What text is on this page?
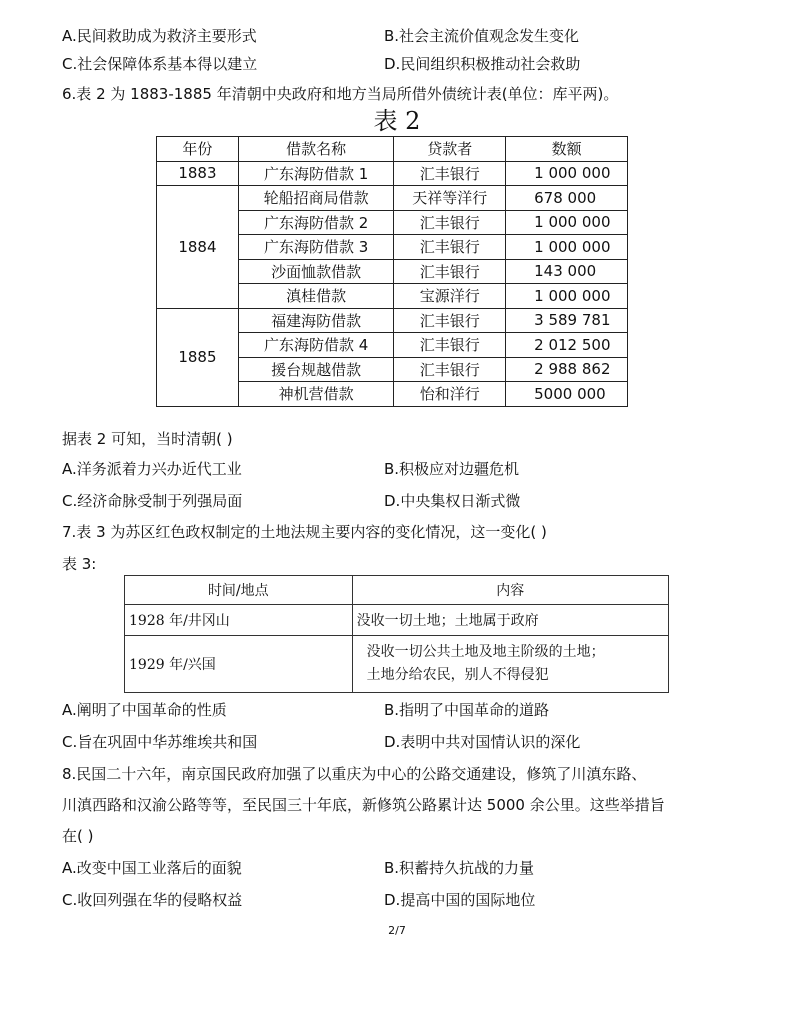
A.民间救助成为救济主要形式	B.社会主流价值观念发生变化
C.社会保障体系基本得以建立	D.民间组织积极推动社会救助
6.表 2 为 1883-1885 年清朝中央政府和地方当局所借外债统计表(单位：库平两)。
表 2
年份	借款名称	贷款者	数额
1883	广东海防借款 1	汇丰银行	1 000 000
1884	轮船招商局借款	天祥等洋行	678 000
	广东海防借款 2	汇丰银行	1 000 000
	广东海防借款 3	汇丰银行	1 000 000
	沙面恤款借款	汇丰银行	143 000
	滇桂借款	宝源洋行	1 000 000
1885	福建海防借款	汇丰银行	3 589 781
	广东海防借款 4	汇丰银行	2 012 500
	援台规越借款	汇丰银行	2 988 862
	神机营借款	怡和洋行	5000 000
据表 2 可知，当时清朝( )
A.洋务派着力兴办近代工业	B.积极应对边疆危机
C.经济命脉受制于列强局面	D.中央集权日渐式微
7.表 3 为苏区红色政权制定的土地法规主要内容的变化情况，这一变化( )
表 3:
时间/地点	内容
1928 年/井冈山	没收一切土地；土地属于政府
1929 年/兴国	没收一切公共土地及地主阶级的土地；
土地分给农民，别人不得侵犯
A.阐明了中国革命的性质	B.指明了中国革命的道路
C.旨在巩固中华苏维埃共和国	D.表明中共对国情认识的深化
8.民国二十六年，南京国民政府加强了以重庆为中心的公路交通建设，修筑了川滇东路、
川滇西路和汉渝公路等等，至民国三十年底，新修筑公路累计达 5000 余公里。这些举措旨
在( )
A.改变中国工业落后的面貌	B.积蓄持久抗战的力量
C.收回列强在华的侵略权益	D.提高中国的国际地位
2/7
